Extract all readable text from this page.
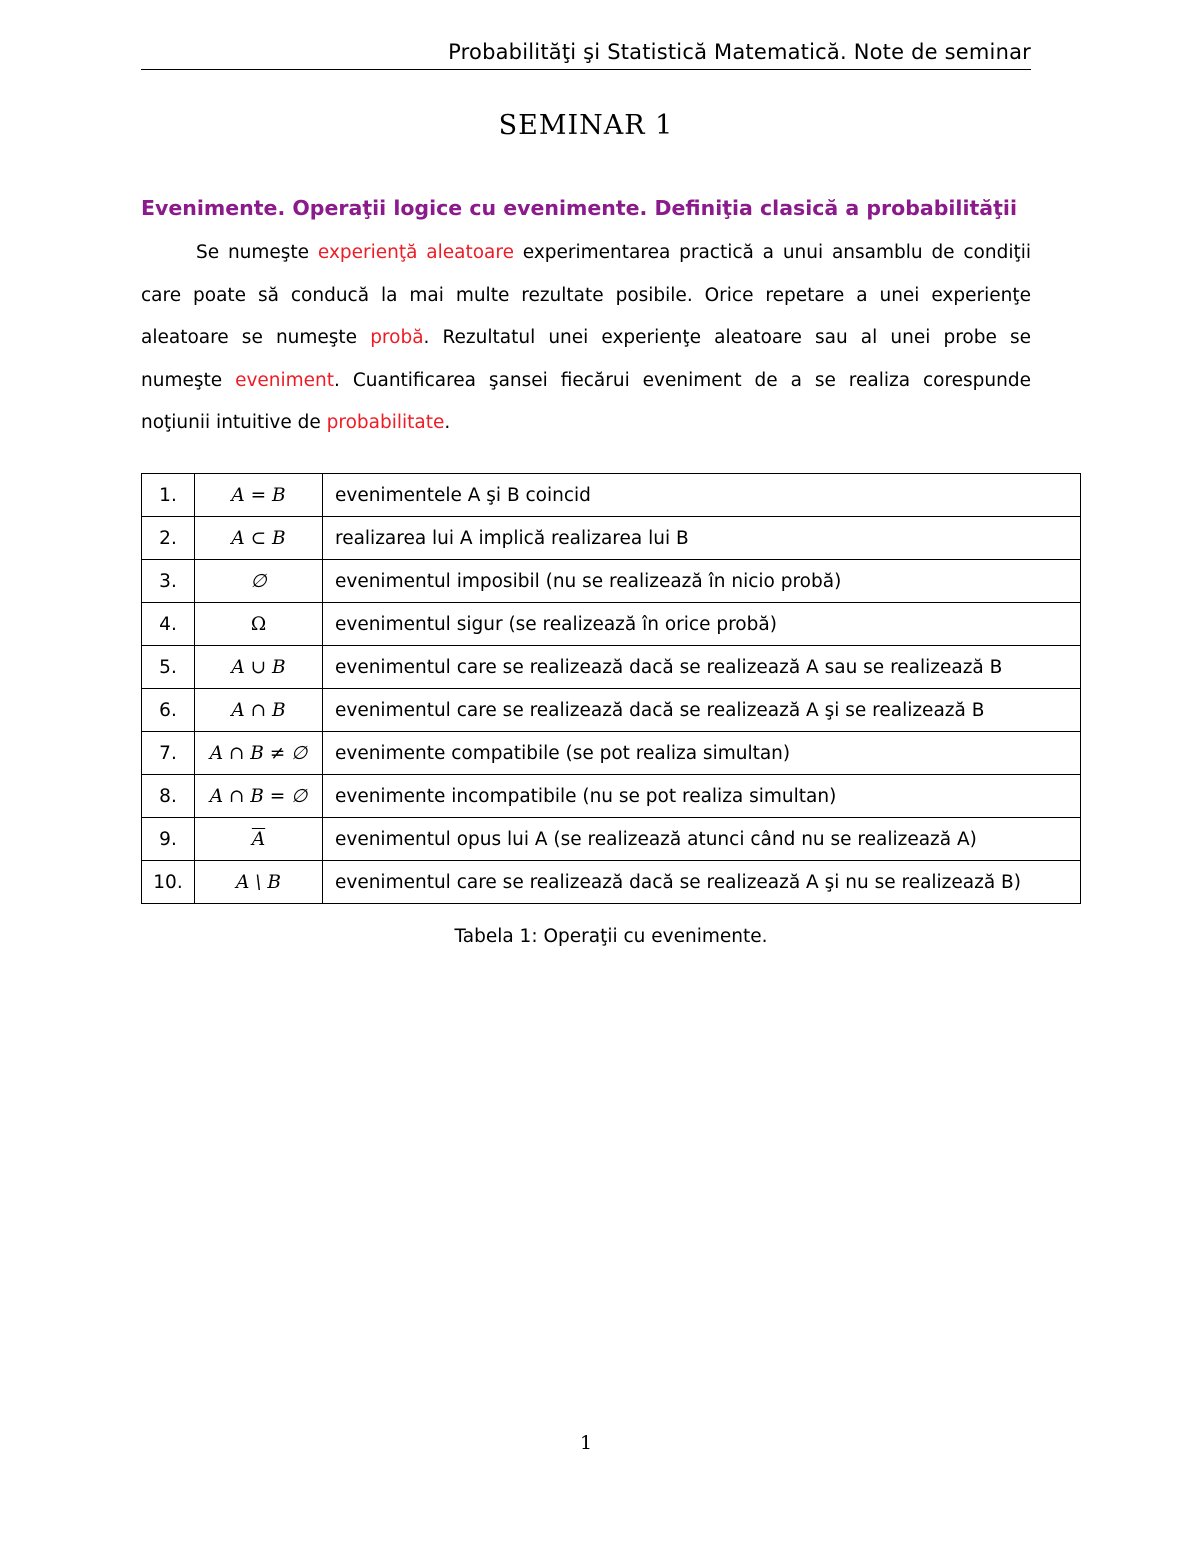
Probabilităţi şi Statistică Matematică. Note de seminar
SEMINAR 1
Evenimente. Operaţii logice cu evenimente. Definiţia clasică a probabilităţii

Se numeşte experienţă aleatoare experimentarea practică a unui ansamblu de condiţii care poate să conducă la mai multe rezultate posibile. Orice repetare a unei experienţe aleatoare se numeşte probă. Rezultatul unei experienţe aleatoare sau al unei probe se numeşte eveniment. Cuantificarea şansei fiecărui eveniment de a se realiza corespunde noţiunii intuitive de probabilitate.

1.	A = B	evenimentele A şi B coincid
2.	A ⊂ B	realizarea lui A implică realizarea lui B
3.	∅	evenimentul imposibil (nu se realizează în nicio probă)
4.	Ω	evenimentul sigur (se realizează în orice probă)
5.	A ∪ B	evenimentul care se realizează dacă se realizează A sau se realizează B
6.	A ∩ B	evenimentul care se realizează dacă se realizează A şi se realizează B
7.	A ∩ B ≠ ∅	evenimente compatibile (se pot realiza simultan)
8.	A ∩ B = ∅	evenimente incompatibile (nu se pot realiza simultan)
9.	$\overline{A}$	evenimentul opus lui A (se realizează atunci când nu se realizează A)
10.	A \ B	evenimentul care se realizează dacă se realizează A şi nu se realizează B)
Tabela 1: Operaţii cu evenimente.
1
